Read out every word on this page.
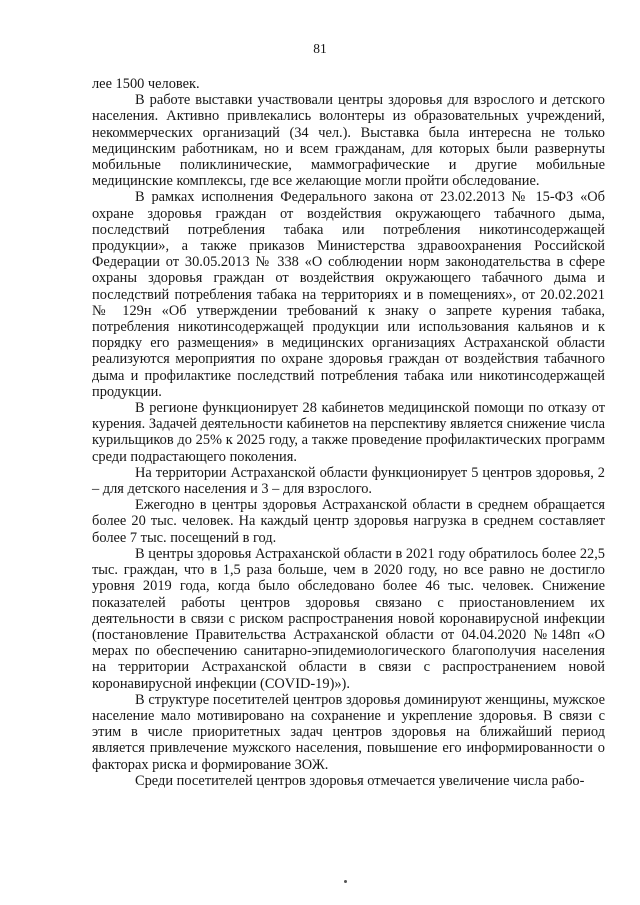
81

лее 1500 человек.

В работе выставки участвовали центры здоровья для взрослого и детского населения. Активно привлекались волонтеры из образовательных учреждений, некоммерческих организаций (34 чел.). Выставка была интересна не только медицинским работникам, но и всем гражданам, для которых были развернуты мобильные поликлинические, маммографические и другие мобильные медицинские комплексы, где все желающие могли пройти обследование.

В рамках исполнения Федерального закона от 23.02.2013 № 15-ФЗ «Об охране здоровья граждан от воздействия окружающего табачного дыма, последствий потребления табака или потребления никотинсодержащей продукции», а также приказов Министерства здравоохранения Российской Федерации от 30.05.2013 № 338 «О соблюдении норм законодательства в сфере охраны здоровья граждан от воздействия окружающего табачного дыма и последствий потребления табака на территориях и в помещениях», от 20.02.2021 № 129н «Об утверждении требований к знаку о запрете курения табака, потребления никотинсодержащей продукции или использования кальянов и к порядку его размещения» в медицинских организациях Астраханской области реализуются мероприятия по охране здоровья граждан от воздействия табачного дыма и профилактике последствий потребления табака или никотинсодержащей продукции.

В регионе функционирует 28 кабинетов медицинской помощи по отказу от курения. Задачей деятельности кабинетов на перспективу является снижение числа курильщиков до 25% к 2025 году, а также проведение профилактических программ среди подрастающего поколения.

На территории Астраханской области функционирует 5 центров здоровья, 2 – для детского населения и 3 – для взрослого.

Ежегодно в центры здоровья Астраханской области в среднем обращается более 20 тыс. человек. На каждый центр здоровья нагрузка в среднем составляет более 7 тыс. посещений в год.

В центры здоровья Астраханской области в 2021 году обратилось более 22,5 тыс. граждан, что в 1,5 раза больше, чем в 2020 году, но все равно не достигло уровня 2019 года, когда было обследовано более 46 тыс. человек. Снижение показателей работы центров здоровья связано с приостановлением их деятельности в связи с риском распространения новой коронавирусной инфекции (постановление Правительства Астраханской области от 04.04.2020 №148п «О мерах по обеспечению санитарно-эпидемиологического благополучия населения на территории Астраханской области в связи с распространением новой коронавирусной инфекции (COVID-19)»).

В структуре посетителей центров здоровья доминируют женщины, мужское население мало мотивировано на сохранение и укрепление здоровья. В связи с этим в числе приоритетных задач центров здоровья на ближайший период является привлечение мужского населения, повышение его информированности о факторах риска и формирование ЗОЖ.

Среди посетителей центров здоровья отмечается увеличение числа рабо-
